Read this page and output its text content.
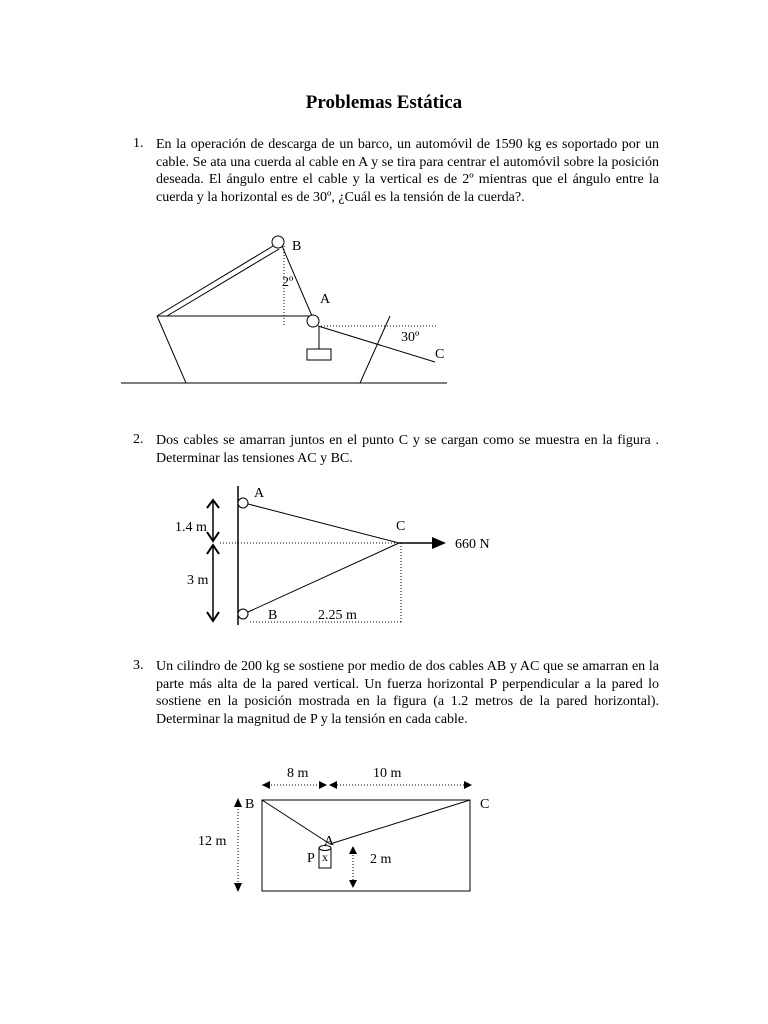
Problemas Estática
1. En la operación de descarga de un barco, un automóvil de 1590 kg es soportado por un cable. Se ata una cuerda al cable en A y se tira para centrar el automóvil sobre la posición deseada. El ángulo entre el cable y la vertical es de 2º mientras que el ángulo entre la cuerda y la horizontal es de 30º, ¿Cuál es la tensión de la cuerda?.

B
2º
A
30º
C
2. Dos cables se amarran juntos en el punto C y se cargan como se muestra en la figura . Determinar las tensiones AC y BC.

A
1.4 m	C
660 N
3 m
B	2.25 m
3. Un cilindro de 200 kg se sostiene por medio de dos cables AB y AC que se amarran en la parte más alta de la pared vertical. Un fuerza horizontal P perpendicular a la pared lo sostiene en la posición mostrada en la figura (a 1.2 metros de la pared horizontal). Determinar la magnitud de P y la tensión en cada cable.

8 m	10 m
B	C
12 m	A
P x	2 m
